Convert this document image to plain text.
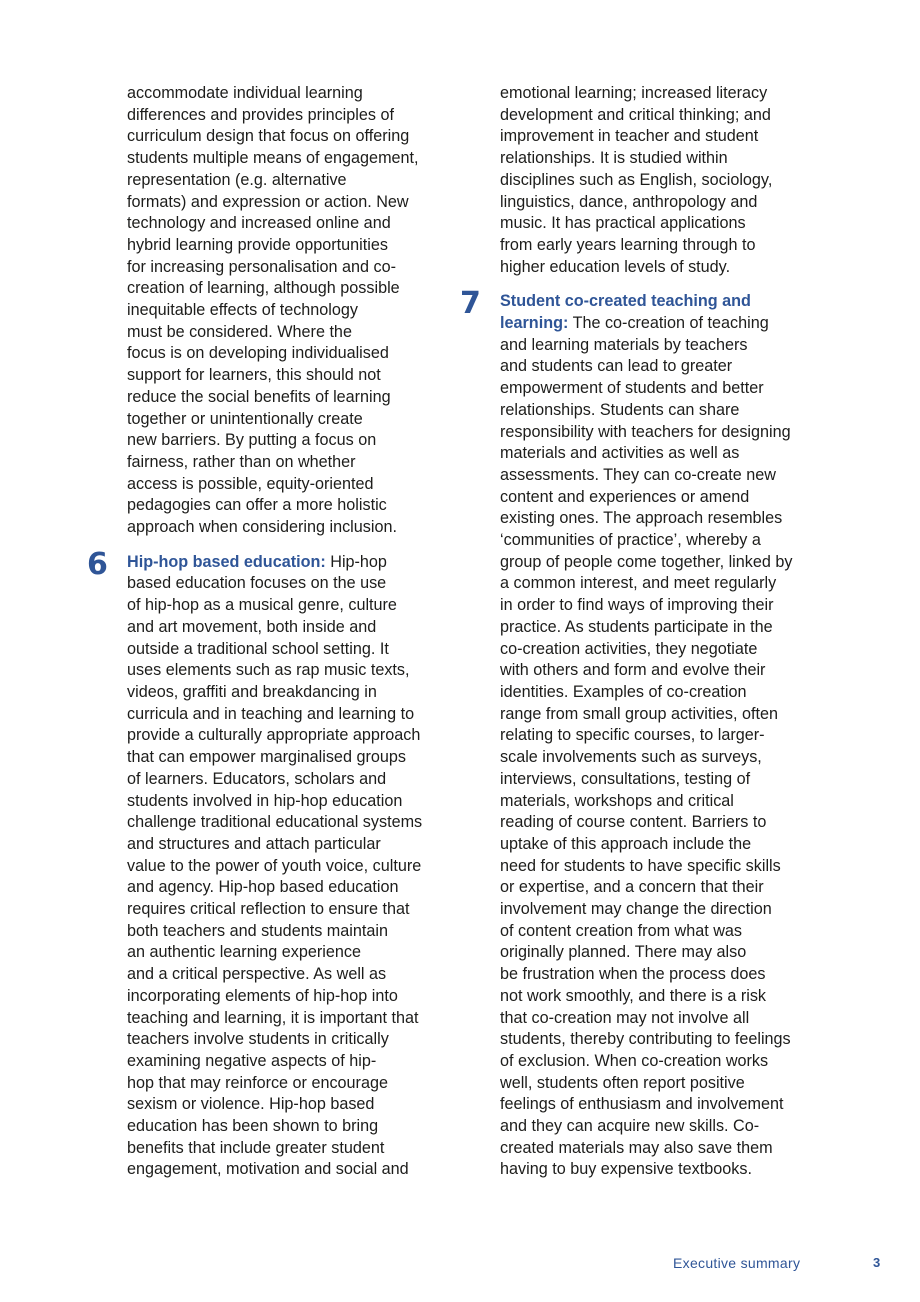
accommodate individual learning
differences and provides principles of
curriculum design that focus on offering
students multiple means of engagement,
representation (e.g. alternative
formats) and expression or action. New
technology and increased online and
hybrid learning provide opportunities
for increasing personalisation and co-
creation of learning, although possible
inequitable effects of technology
must be considered. Where the
focus is on developing individualised
support for learners, this should not
reduce the social benefits of learning
together or unintentionally create
new barriers. By putting a focus on
fairness, rather than on whether
access is possible, equity-oriented
pedagogies can offer a more holistic
approach when considering inclusion.
6 Hip-hop based education: Hip-hop
based education focuses on the use
of hip-hop as a musical genre, culture
and art movement, both inside and
outside a traditional school setting. It
uses elements such as rap music texts,
videos, graffiti and breakdancing in
curricula and in teaching and learning to
provide a culturally appropriate approach
that can empower marginalised groups
of learners. Educators, scholars and
students involved in hip-hop education
challenge traditional educational systems
and structures and attach particular
value to the power of youth voice, culture
and agency. Hip-hop based education
requires critical reflection to ensure that
both teachers and students maintain
an authentic learning experience
and a critical perspective. As well as
incorporating elements of hip-hop into
teaching and learning, it is important that
teachers involve students in critically
examining negative aspects of hip-
hop that may reinforce or encourage
sexism or violence. Hip-hop based
education has been shown to bring
benefits that include greater student
engagement, motivation and social and
emotional learning; increased literacy
development and critical thinking; and
improvement in teacher and student
relationships. It is studied within
disciplines such as English, sociology,
linguistics, dance, anthropology and
music. It has practical applications
from early years learning through to
higher education levels of study.
7 Student co-created teaching and
learning: The co-creation of teaching
and learning materials by teachers
and students can lead to greater
empowerment of students and better
relationships. Students can share
responsibility with teachers for designing
materials and activities as well as
assessments. They can co-create new
content and experiences or amend
existing ones. The approach resembles
‘communities of practice’, whereby a
group of people come together, linked by
a common interest, and meet regularly
in order to find ways of improving their
practice. As students participate in the
co-creation activities, they negotiate
with others and form and evolve their
identities. Examples of co-creation
range from small group activities, often
relating to specific courses, to larger-
scale involvements such as surveys,
interviews, consultations, testing of
materials, workshops and critical
reading of course content. Barriers to
uptake of this approach include the
need for students to have specific skills
or expertise, and a concern that their
involvement may change the direction
of content creation from what was
originally planned. There may also
be frustration when the process does
not work smoothly, and there is a risk
that co-creation may not involve all
students, thereby contributing to feelings
of exclusion. When co-creation works
well, students often report positive
feelings of enthusiasm and involvement
and they can acquire new skills. Co-
created materials may also save them
having to buy expensive textbooks.
Executive summary	3
